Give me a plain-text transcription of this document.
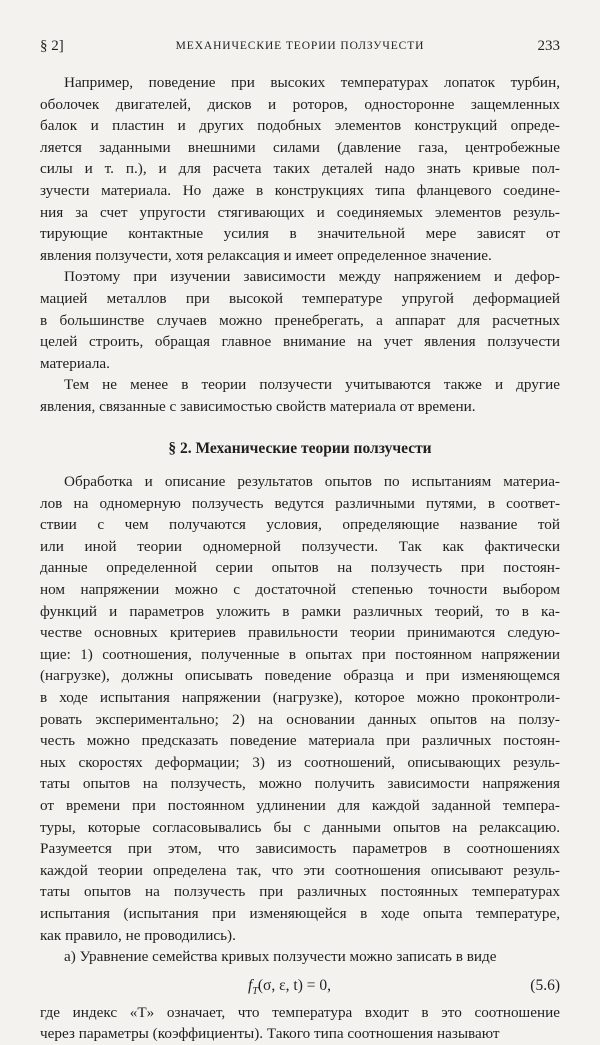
§ 2]	МЕХАНИЧЕСКИЕ ТЕОРИИ ПОЛЗУЧЕСТИ	233

Например, поведение при высоких температурах лопаток турбин,
оболочек двигателей, дисков и роторов, односторонне защемленных
балок и пластин и других подобных элементов конструкций опреде-
ляется заданными внешними силами (давление газа, центробежные
силы и т. п.), и для расчета таких деталей надо знать кривые пол-
зучести материала. Но даже в конструкциях типа фланцевого соедине-
ния за счет упругости стягивающих и соединяемых элементов резуль-
тирующие контактные усилия в значительной мере зависят от
явления ползучести, хотя релаксация и имеет определенное значение.

Поэтому при изучении зависимости между напряжением и дефор-
мацией металлов при высокой температуре упругой деформацией
в большинстве случаев можно пренебрегать, а аппарат для расчетных
целей строить, обращая главное внимание на учет явления ползучести
материала.

Тем не менее в теории ползучести учитываются также и другие
явления, связанные с зависимостью свойств материала от времени.

§ 2. Механические теории ползучести

Обработка и описание результатов опытов по испытаниям материа-
лов на одномерную ползучесть ведутся различными путями, в соответ-
ствии с чем получаются условия, определяющие название той
или иной теории одномерной ползучести. Так как фактически
данные определенной серии опытов на ползучесть при постоян-
ном напряжении можно с достаточной степенью точности выбором
функций и параметров уложить в рамки различных теорий, то в ка-
честве основных критериев правильности теории принимаются следую-
щие: 1) соотношения, полученные в опытах при постоянном напряжении
(нагрузке), должны описывать поведение образца и при изменяющемся
в ходе испытания напряжении (нагрузке), которое можно проконтроли-
ровать экспериментально; 2) на основании данных опытов на ползу-
честь можно предсказать поведение материала при различных постоян-
ных скоростях деформации; 3) из соотношений, описывающих резуль-
таты опытов на ползучесть, можно получить зависимости напряжения
от времени при постоянном удлинении для каждой заданной темпера-
туры, которые согласовывались бы с данными опытов на релаксацию.
Разумеется при этом, что зависимость параметров в соотношениях
каждой теории определена так, что эти соотношения описывают резуль-
таты опытов на ползучесть при различных постоянных температурах
испытания (испытания при изменяющейся в ходе опыта температуре,
как правило, не проводились).

а) Уравнение семейства кривых ползучести можно записать в виде

$f_T(\sigma$, ε, t) = 0,	(5.6)

где индекс «T» означает, что температура входит в это соотношение
через параметры (коэффициенты). Такого типа соотношения называют
